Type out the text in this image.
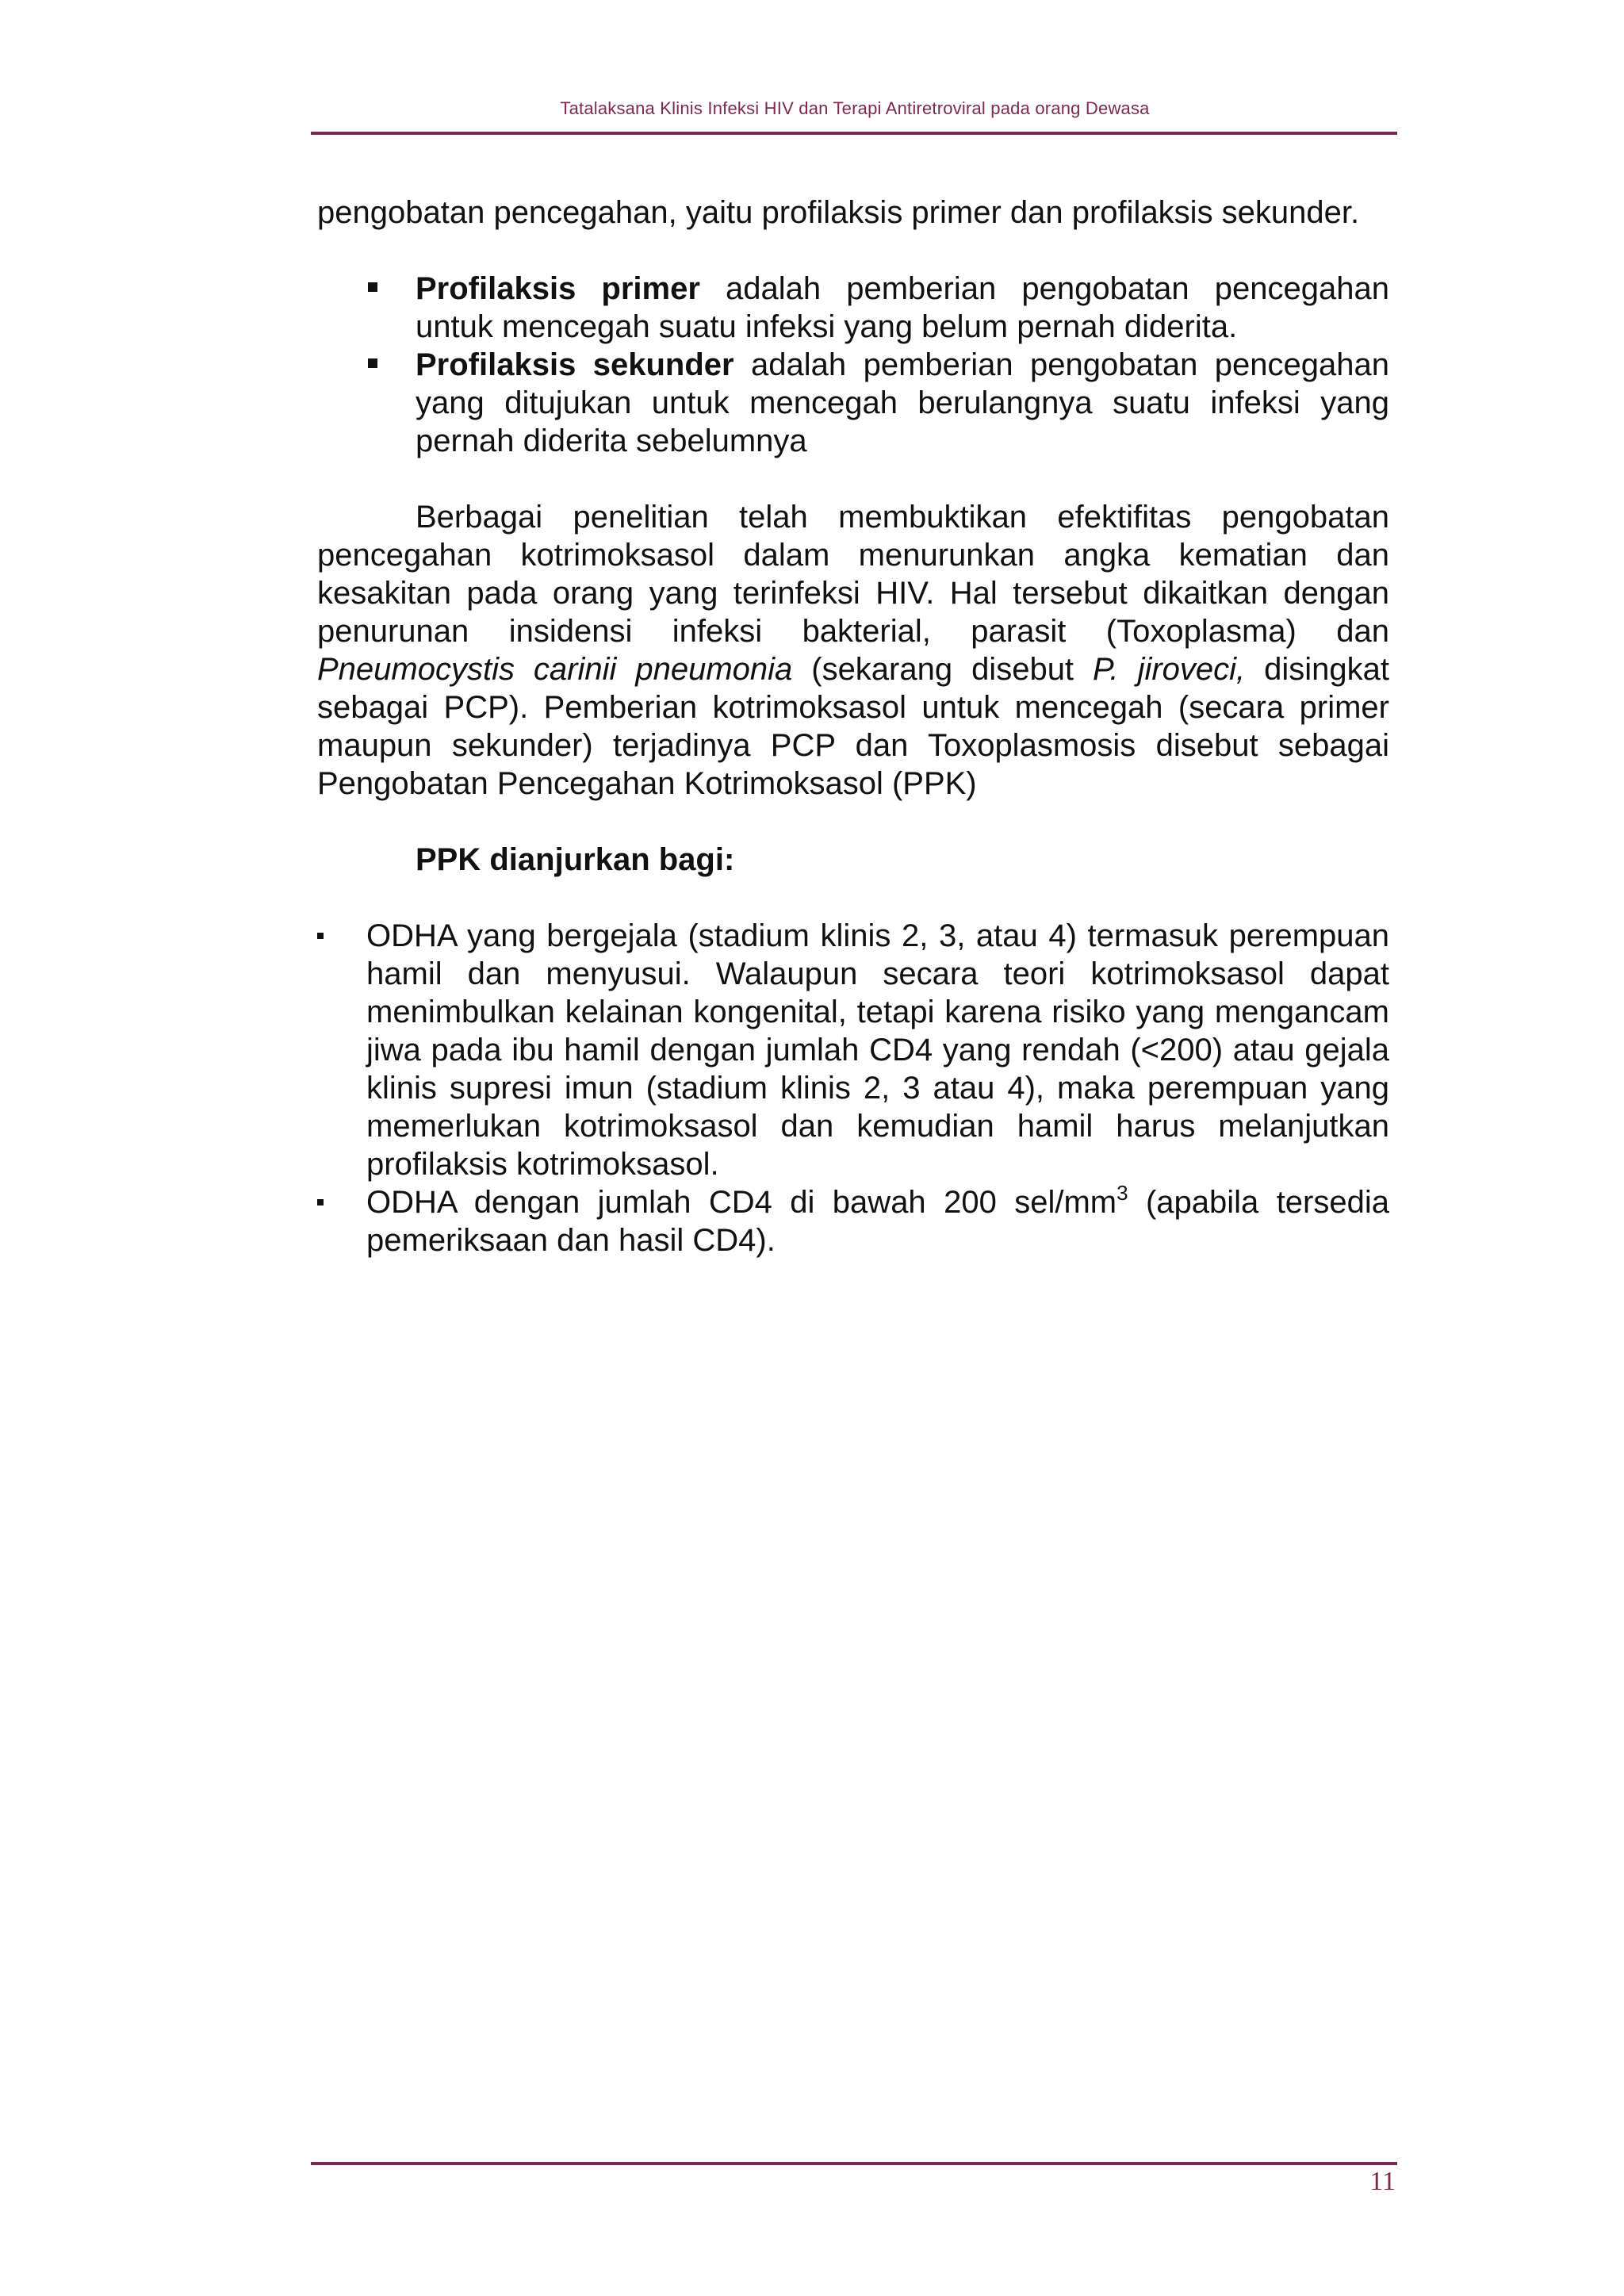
Tatalaksana Klinis Infeksi HIV dan Terapi Antiretroviral pada orang Dewasa

pengobatan pencegahan, yaitu profilaksis primer dan profilaksis sekunder.

Profilaksis primer adalah pemberian pengobatan pencegahan untuk mencegah suatu infeksi yang belum pernah diderita.
Profilaksis sekunder adalah pemberian pengobatan pencegahan yang ditujukan untuk mencegah berulangnya suatu infeksi yang pernah diderita sebelumnya

Berbagai penelitian telah membuktikan efektifitas pengobatan pencegahan kotrimoksasol dalam menurunkan angka kematian dan kesakitan pada orang yang terinfeksi HIV. Hal tersebut dikaitkan dengan penurunan insidensi infeksi bakterial, parasit (Toxoplasma) dan Pneumocystis carinii pneumonia (sekarang disebut P. jiroveci, disingkat sebagai PCP). Pemberian kotrimoksasol untuk mencegah (secara primer maupun sekunder) terjadinya PCP dan Toxoplasmosis disebut sebagai Pengobatan Pencegahan Kotrimoksasol (PPK)

PPK dianjurkan bagi:

ODHA yang bergejala (stadium klinis 2, 3, atau 4) termasuk perempuan hamil dan menyusui. Walaupun secara teori kotrimoksasol dapat menimbulkan kelainan kongenital, tetapi karena risiko yang mengancam jiwa pada ibu hamil dengan jumlah CD4 yang rendah (<200) atau gejala klinis supresi imun (stadium klinis 2, 3 atau 4), maka perempuan yang memerlukan kotrimoksasol dan kemudian hamil harus melanjutkan profilaksis kotrimoksasol.
ODHA dengan jumlah CD4 di bawah 200 sel/$mm^3$ (apabila tersedia pemeriksaan dan hasil CD4).
11
